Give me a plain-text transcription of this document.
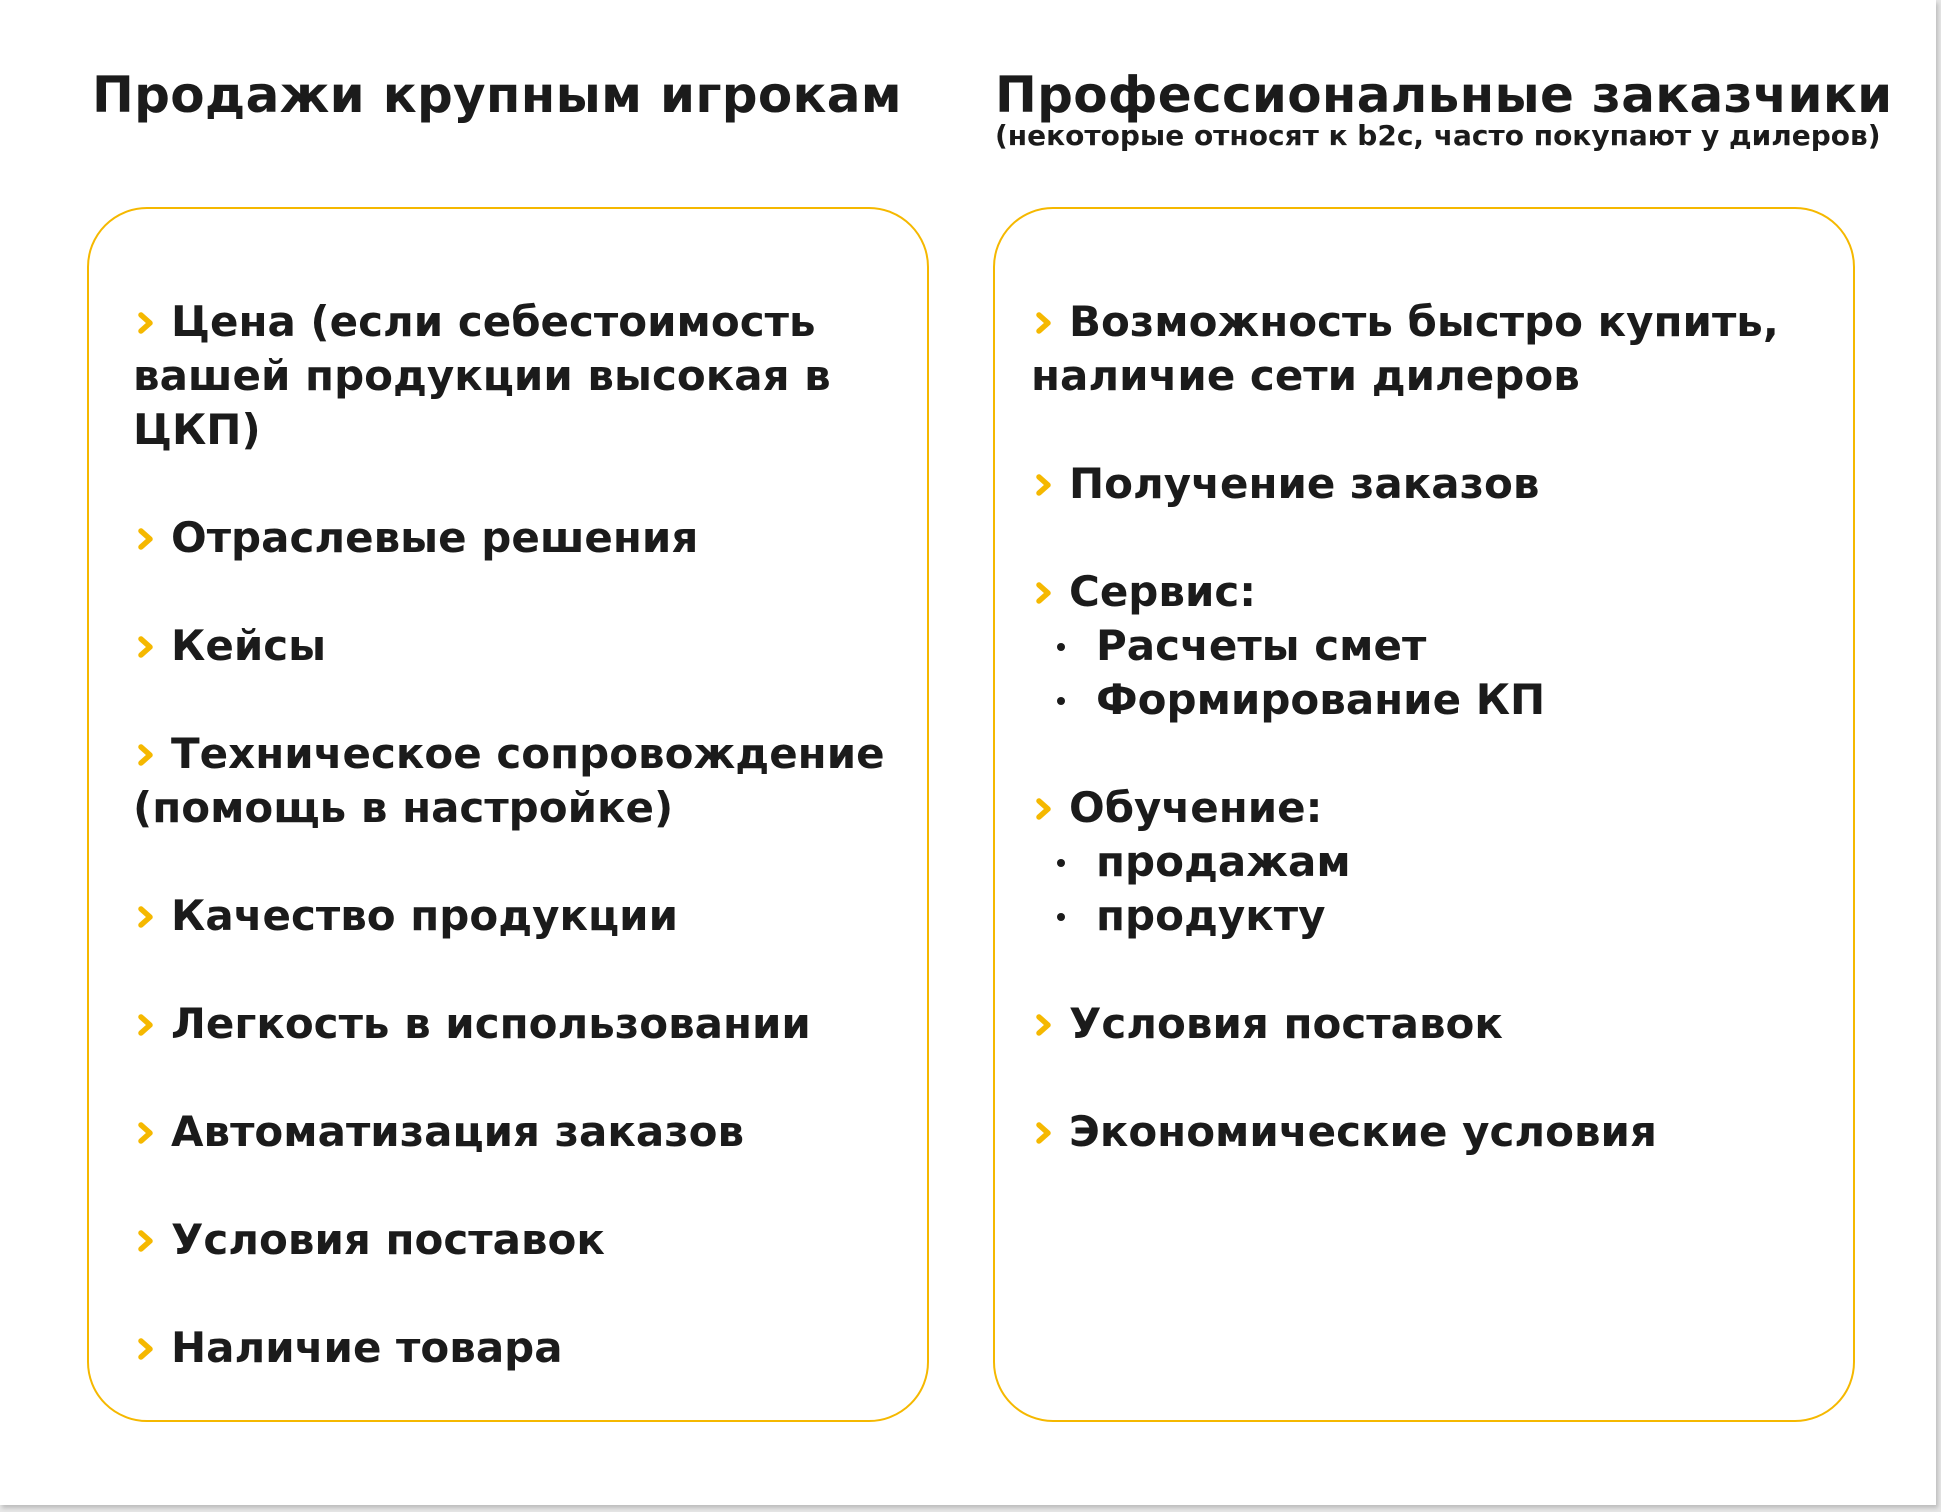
Продажи крупным игрокам Профессиональные заказчики

(некоторые относят к b2c, часто покупают у дилеров)

Цена (если себестоимость вашей продукции высокая в ЦКП)
Отраслевые решения
Кейсы
Техническое сопровождение (помощь в настройке)
Качество продукции
Легкость в использовании
Автоматизация заказов
Условия поставок
Наличие товара
Возможность быстро купить, наличие сети дилеров
Получение заказов
Сервис:
Расчеты смет
Формирование КП
Обучение:
продажам
продукту
Условия поставок
Экономические условия
